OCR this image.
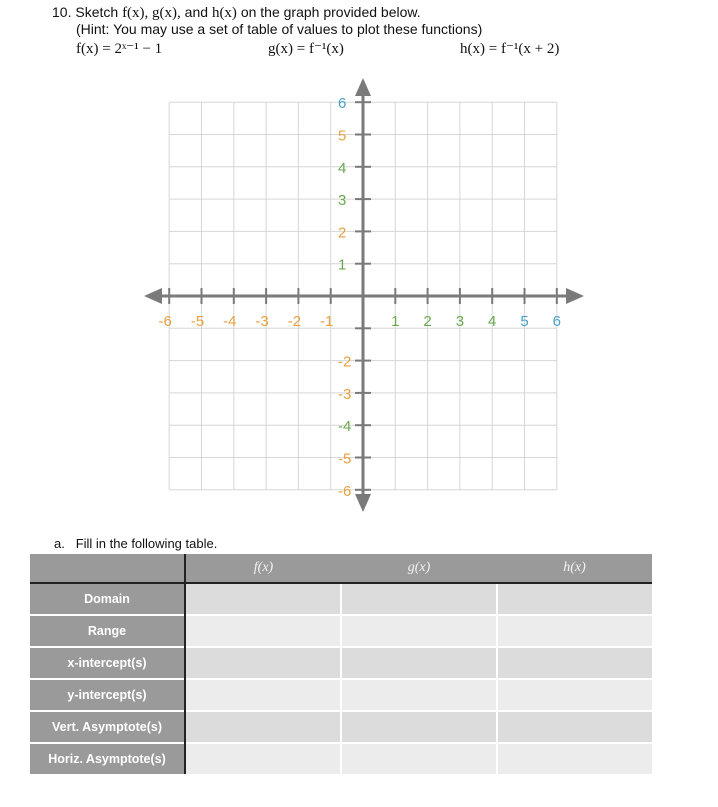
10. Sketch f(x), g(x), and h(x) on the graph provided below.
(Hint: You may use a set of table of values to plot these functions)
f(x) = 2ˣ⁻¹ − 1	g(x) = f⁻¹(x)	h(x) = f⁻¹(x + 2)
-6 -5 -4 -3 -2 -1	1 2 3 4 5 6
6
5
4
3
2
1
-2
-3
-4
-5
-6
a. Fill in the following table.
	f(x)	g(x)	h(x)
Domain			
Range			
x-intercept(s)			
y-intercept(s)			
Vert. Asymptote(s)			
Horiz. Asymptote(s)			
